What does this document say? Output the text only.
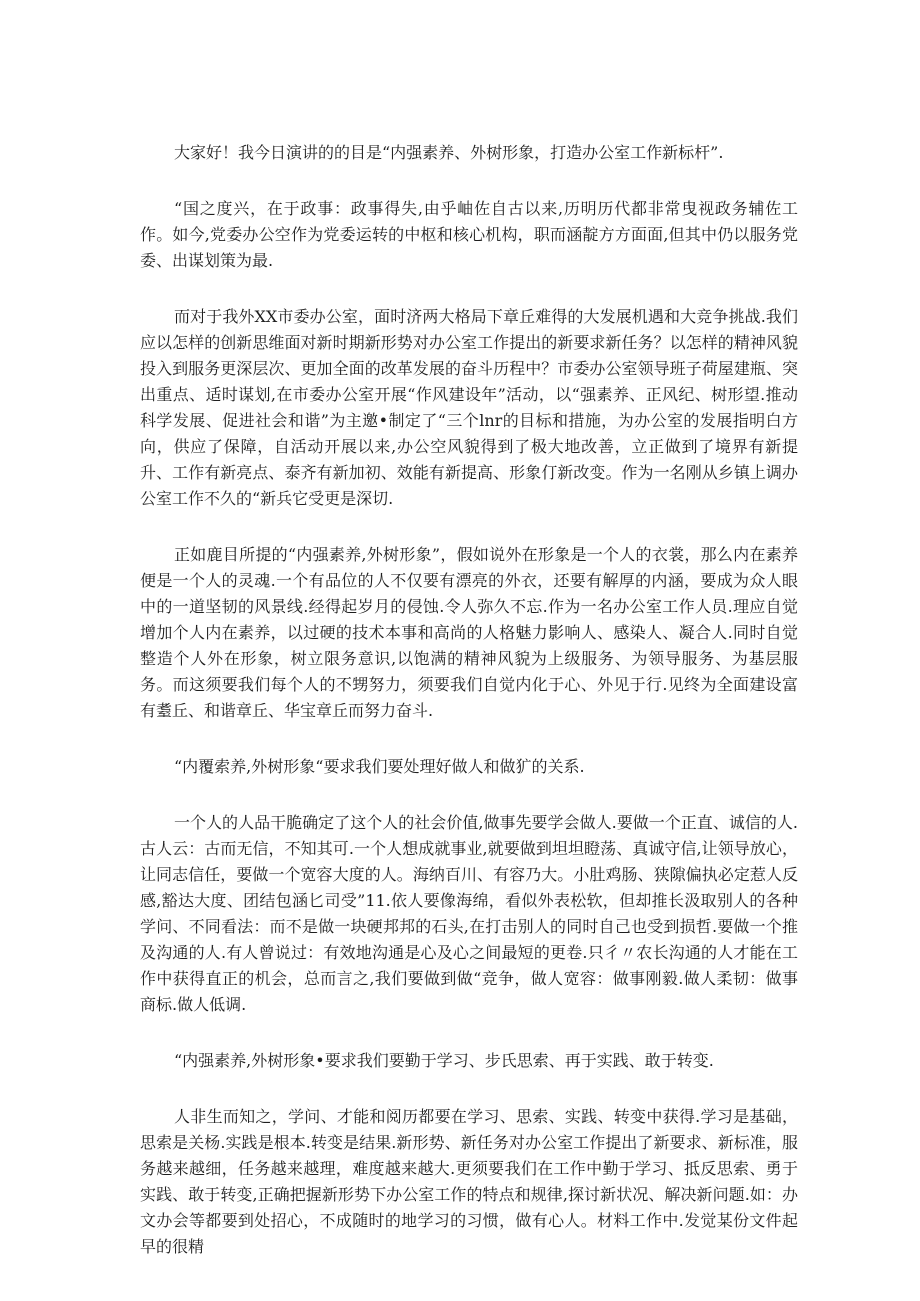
大家好！我今日演讲的的目是“内强素养、外树形象，打造办公室工作新标杆”.

“国之度兴，在于政事：政事得失,由乎岫佐自古以来,历明历代都非常曳视政务辅佐工作。如今,党委办公空作为党委运转的中枢和核心机构，职而涵靛方方面面,但其中仍以服务党委、出谋划策为最.

而对于我外XX市委办公室，面时济两大格局下章丘难得的大发展机遇和大竞争挑战.我们应以怎样的创新思维面对新时期新形势对办公室工作提出的新要求新任务？以怎样的精神风貌投入到服务更深层次、更加全面的改革发展的奋斗历程中？市委办公室领导班子荷屋建瓶、突出重点、适时谋划,在市委办公室开展“作风建设年”活动，以“强素养、正风纪、树形望.推动科学发展、促进社会和谐”为主邀•制定了“三个lnr的目标和措施，为办公室的发展指明白方向，供应了保障，自活动开展以来,办公空风貌得到了极大地改善，立正做到了境界有新提升、工作有新亮点、泰齐有新加初、效能有新提高、形象仃新改变。作为一名刚从乡镇上调办公室工作不久的“新兵它受更是深切.

正如鹿目所提的“内强素养,外树形象”，假如说外在形象是一个人的衣裳，那么内在素养便是一个人的灵魂.一个有品位的人不仅要有漂亮的外衣，还要有解厚的内涵，要成为众人眼中的一道坚韧的风景线.经得起岁月的侵蚀.令人弥久不忘.作为一名办公室工作人员.理应自觉增加个人内在素养，以过硬的技术本事和高尚的人格魅力影响人、感染人、凝合人.同时自觉整造个人外在形象，树立限务意识,以饱满的精神风貌为上级服务、为领导服务、为基层服务。而这须要我们每个人的不甥努力，须要我们自觉内化于心、外见于行.见终为全面建设富有耋丘、和谐章丘、华宝章丘而努力奋斗.

“内覆索养,外树形象“要求我们要处理好做人和做犷的关系.

一个人的人品干脆确定了这个人的社会价值,做事先要学会做人.要做一个正直、诚信的人.古人云：古而无信，不知其可.一个人想成就事业,就要做到坦坦瞪荡、真诚守信,让领导放心，让同志信任，要做一个宽容大度的人。海纳百川、有容乃大。小肚鸡肠、狭隙偏执必定惹人反感,豁达大度、团结包涵匕司受”11.依人要像海绵，看似外表松软，但却推长汲取别人的各种学问、不同看法：而不是做一块硬邦邦的石头,在打击别人的同时自己也受到损哲.要做一个推及沟通的人.有人曾说过：有效地沟通是心及心之间最短的更卷.只彳〃农长沟通的人才能在工作中获得直正的机会，总而言之,我们要做到做“竞争，做人宽容：做事刚毅.做人柔韧：做事商标.做人低调.

“内强素养,外树形象•要求我们要勤于学习、步氏思索、再于实践、敢于转变.

人非生而知之，学问、才能和阅历都要在学习、思索、实践、转变中获得.学习是基础，思索是关杨.实践是根本.转变是结果.新形势、新任务对办公室工作提出了新要求、新标准，服务越来越细，任务越来越理，难度越来越大.更须要我们在工作中勤于学习、抵反思索、勇于实践、敢于转变,正确把握新形势下办公室工作的特点和规律,探讨新状况、解决新问题.如：办文办会等都要到处招心，不成随时的地学习的习惯，做有心人。材料工作中.发觉某份文件起早的很精
